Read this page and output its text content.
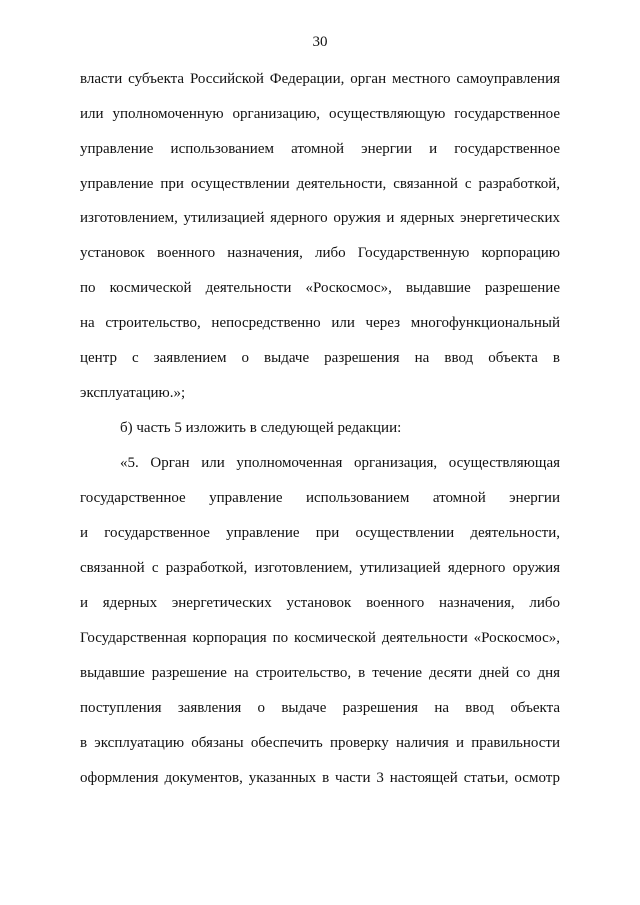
30
власти субъекта Российской Федерации, орган местного самоуправления
или уполномоченную организацию, осуществляющую государственное
управление использованием атомной энергии и государственное
управление при осуществлении деятельности, связанной с разработкой,
изготовлением, утилизацией ядерного оружия и ядерных энергетических
установок военного назначения, либо Государственную корпорацию
по космической деятельности «Роскосмос», выдавшие разрешение
на строительство, непосредственно или через многофункциональный
центр с заявлением о выдаче разрешения на ввод объекта в
эксплуатацию.»;
б) часть 5 изложить в следующей редакции:
«5. Орган или уполномоченная организация, осуществляющая
государственное управление использованием атомной энергии
и государственное управление при осуществлении деятельности,
связанной с разработкой, изготовлением, утилизацией ядерного оружия
и ядерных энергетических установок военного назначения, либо
Государственная корпорация по космической деятельности «Роскосмос»,
выдавшие разрешение на строительство, в течение десяти дней со дня
поступления заявления о выдаче разрешения на ввод объекта
в эксплуатацию обязаны обеспечить проверку наличия и правильности
оформления документов, указанных в части 3 настоящей статьи, осмотр
